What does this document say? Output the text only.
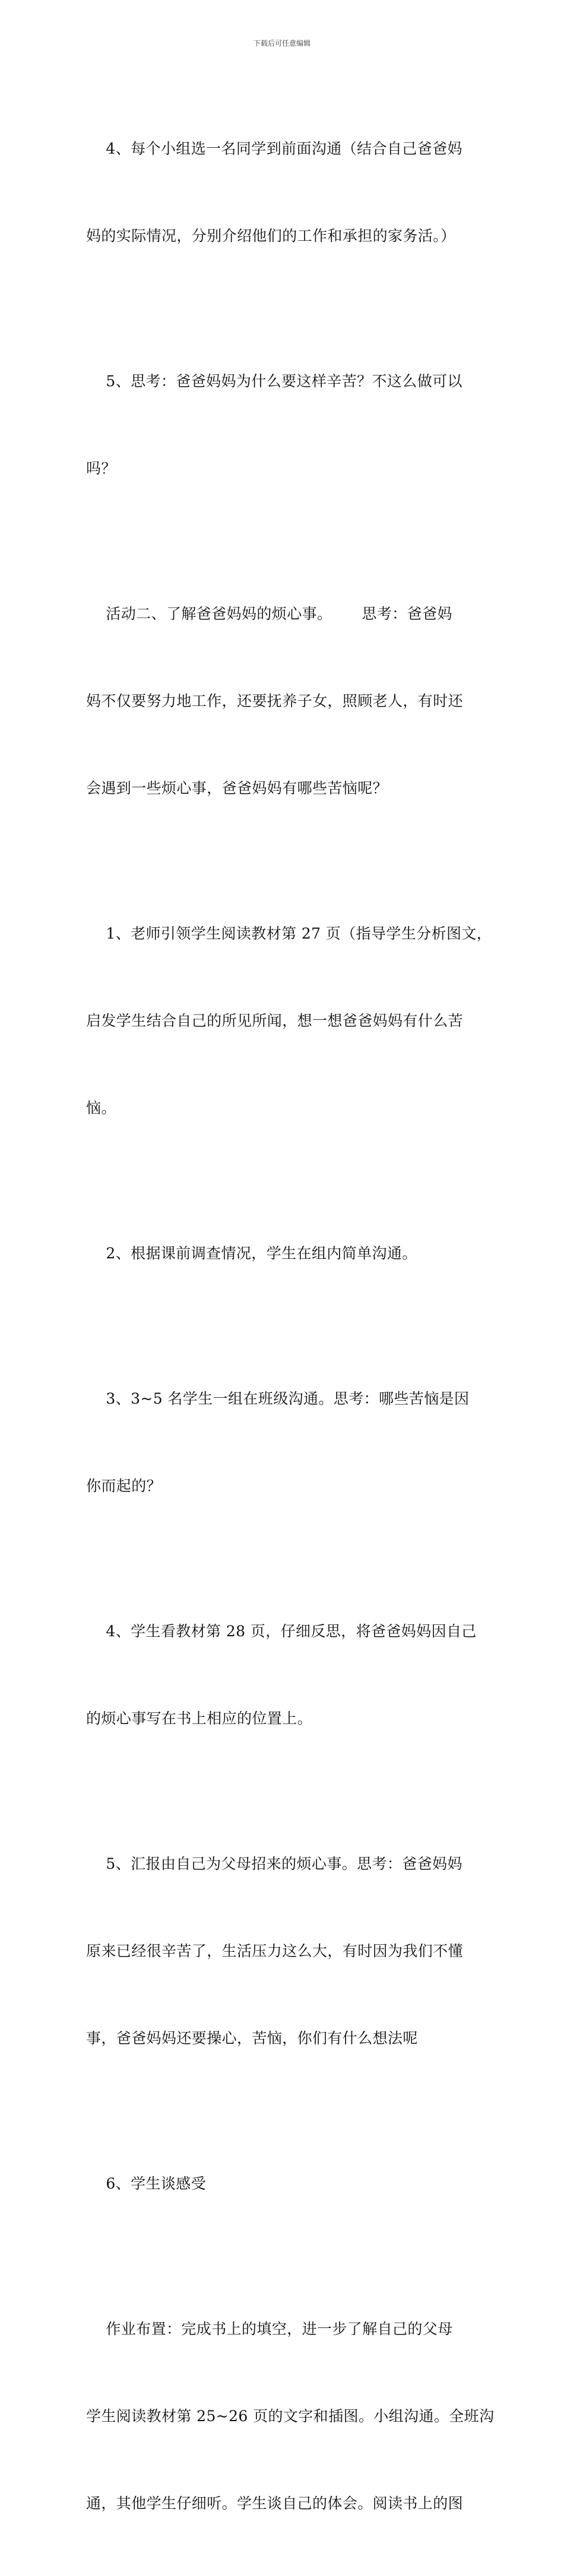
下载后可任意编辑

4、每个小组选一名同学到前面沟通（结合自己爸爸妈

妈的实际情况，分别介绍他们的工作和承担的家务活。）

5、思考：爸爸妈妈为什么要这样辛苦？不这么做可以

吗？

活动二、了解爸爸妈妈的烦心事。      思考：爸爸妈

妈不仅要努力地工作，还要抚养子女，照顾老人，有时还

会遇到一些烦心事，爸爸妈妈有哪些苦恼呢？

1、老师引领学生阅读教材第 27 页（指导学生分析图文，

启发学生结合自己的所见所闻，想一想爸爸妈妈有什么苦

恼。

2、根据课前调查情况，学生在组内简单沟通。

3、3~5 名学生一组在班级沟通。思考：哪些苦恼是因

你而起的？

4、学生看教材第 28 页，仔细反思，将爸爸妈妈因自己

的烦心事写在书上相应的位置上。

5、汇报由自己为父母招来的烦心事。思考：爸爸妈妈

原来已经很辛苦了，生活压力这么大，有时因为我们不懂

事，爸爸妈妈还要操心，苦恼，你们有什么想法呢

6、学生谈感受

作业布置：完成书上的填空，进一步了解自己的父母

学生阅读教材第 25~26 页的文字和插图。小组沟通。全班沟

通，其他学生仔细听。学生谈自己的体会。阅读书上的图
